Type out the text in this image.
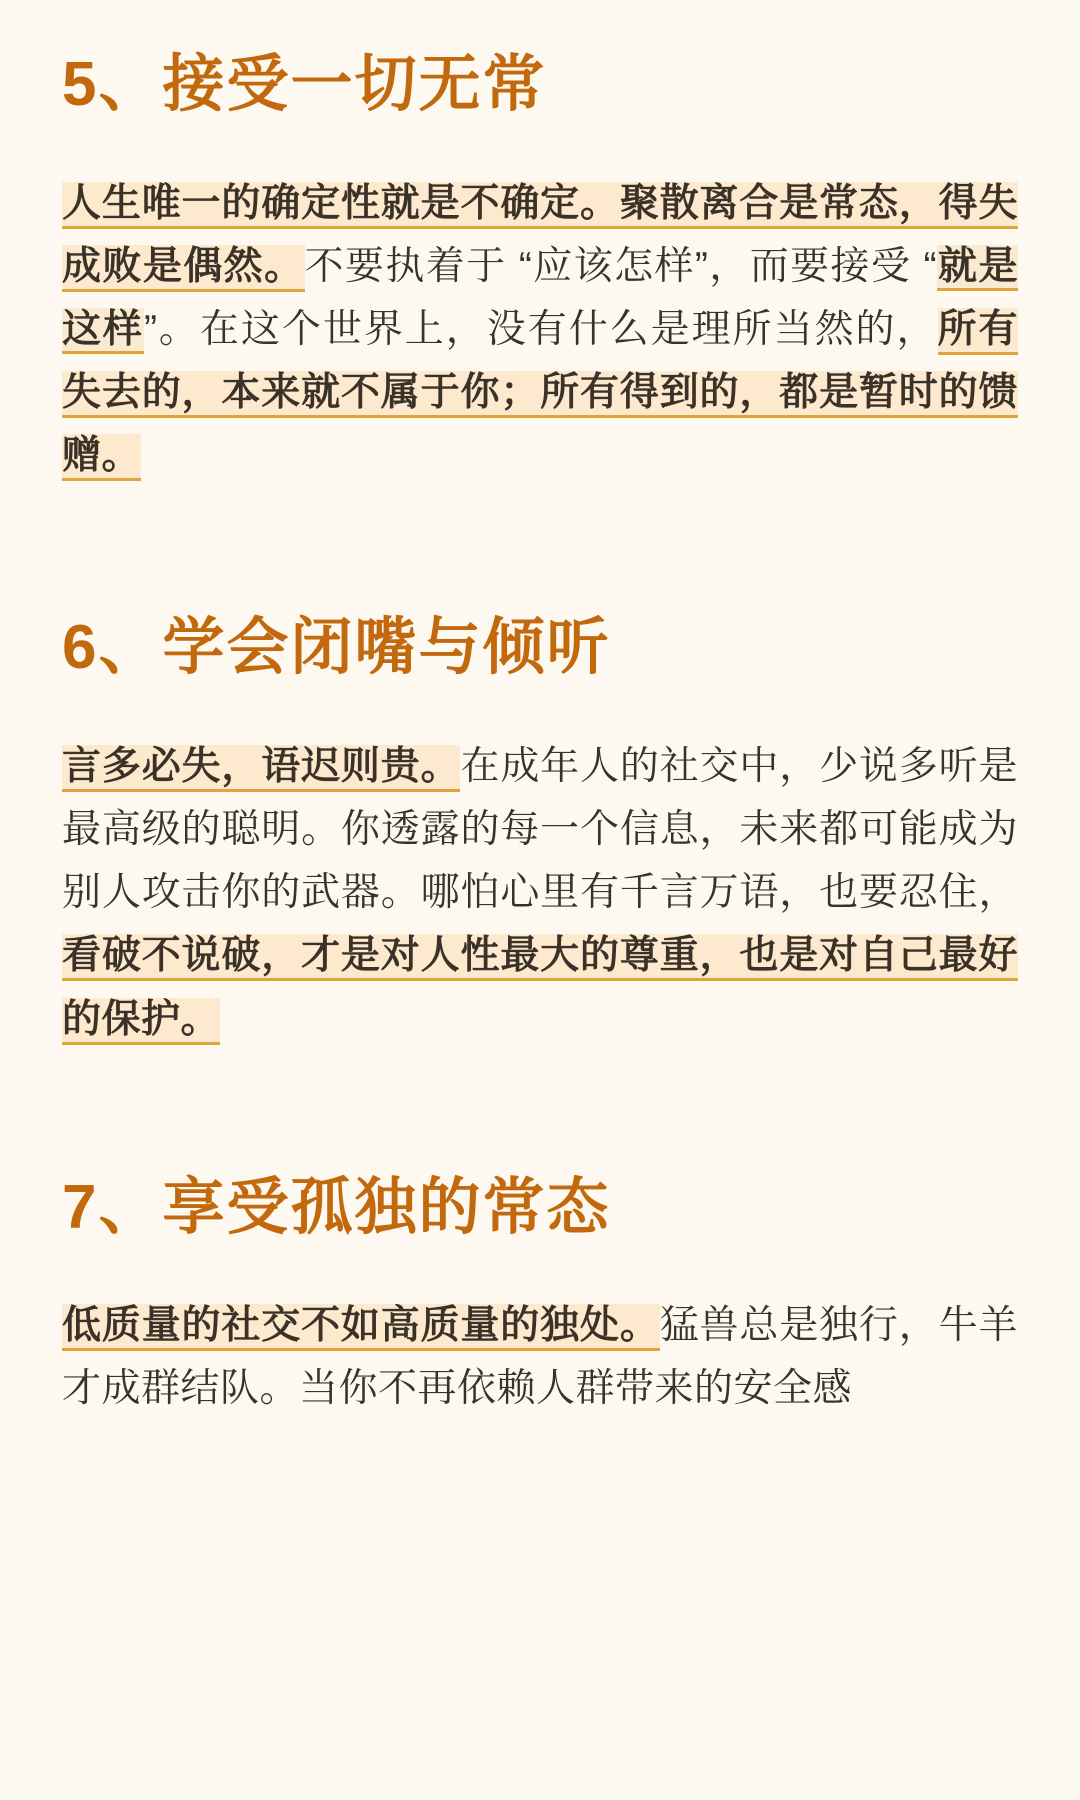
5、接受一切无常

人生唯一的确定性就是不确定。聚散离合是常态，得失成败是偶然。不要执着于 “应该怎样”，而要接受 “就是这样”。在这个世界上，没有什么是理所当然的，所有失去的，本来就不属于你；所有得到的，都是暂时的馈赠。

6、学会闭嘴与倾听

言多必失，语迟则贵。在成年人的社交中，少说多听是最高级的聪明。你透露的每一个信息，未来都可能成为别人攻击你的武器。哪怕心里有千言万语，也要忍住，看破不说破，才是对人性最大的尊重，也是对自己最好的保护。

7、享受孤独的常态

低质量的社交不如高质量的独处。猛兽总是独行，牛羊才成群结队。当你不再依赖人群带来的安全感
